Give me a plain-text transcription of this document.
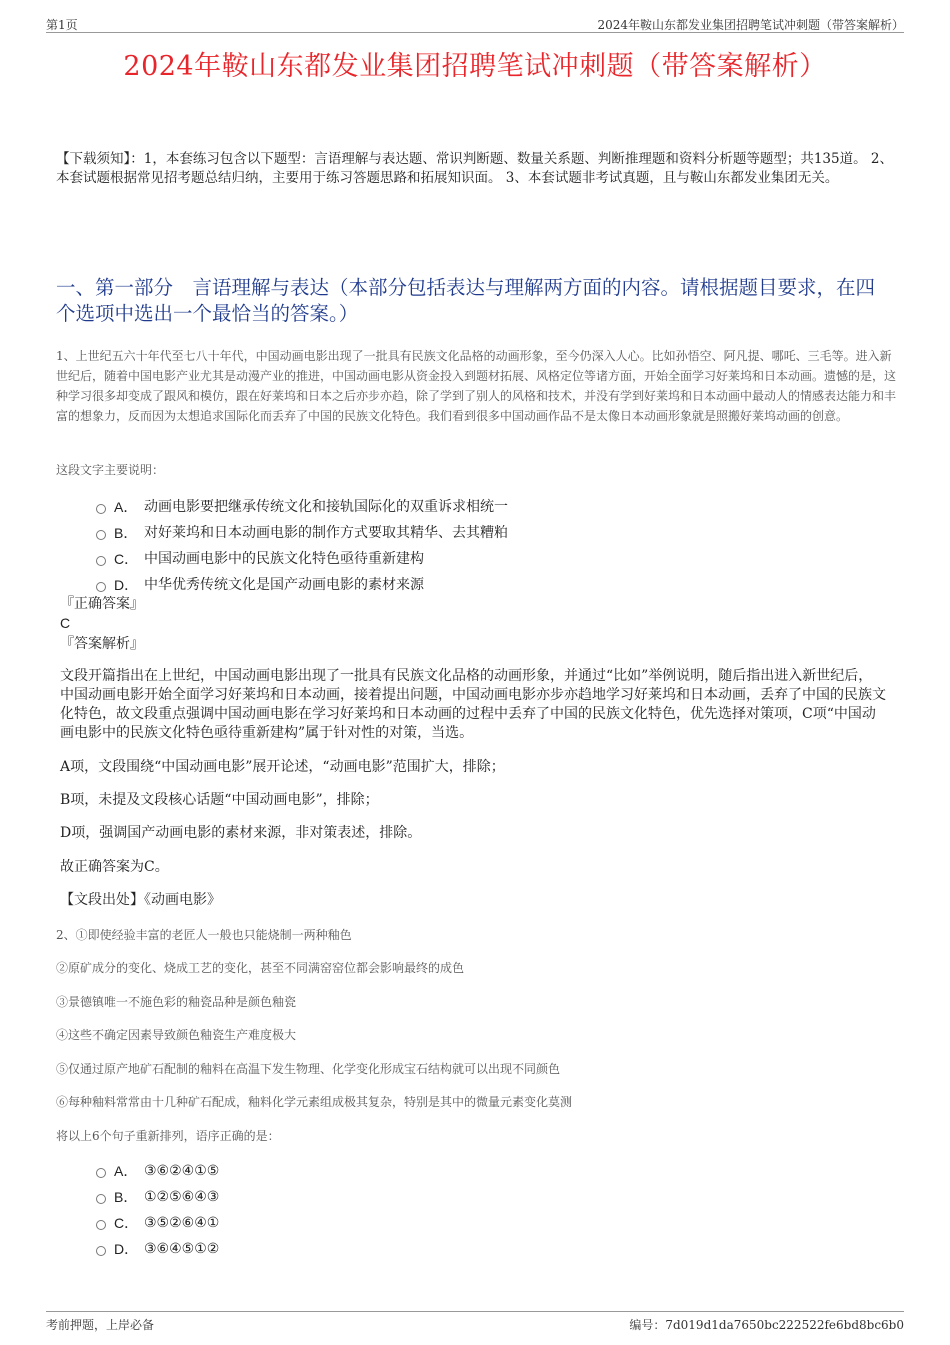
第1页	2024年鞍山东都发业集团招聘笔试冲刺题（带答案解析）
2024年鞍山东都发业集团招聘笔试冲刺题（带答案解析）
【下载须知】：1，本套练习包含以下题型：言语理解与表达题、常识判断题、数量关系题、判断推理题和资料分析题等题型；共135道。 2、本套试题根据常见招考题总结归纳，主要用于练习答题思路和拓展知识面。 3、本套试题非考试真题，且与鞍山东都发业集团无关。
一、第一部分　言语理解与表达（本部分包括表达与理解两方面的内容。请根据题目要求，在四个选项中选出一个最恰当的答案。）
1、上世纪五六十年代至七八十年代，中国动画电影出现了一批具有民族文化品格的动画形象，至今仍深入人心。比如孙悟空、阿凡提、哪吒、三毛等。进入新世纪后，随着中国电影产业尤其是动漫产业的推进，中国动画电影从资金投入到题材拓展、风格定位等诸方面，开始全面学习好莱坞和日本动画。遗憾的是，这种学习很多却变成了跟风和模仿，跟在好莱坞和日本之后亦步亦趋，除了学到了别人的风格和技术，并没有学到好莱坞和日本动画中最动人的情感表达能力和丰富的想象力，反而因为太想追求国际化而丢弃了中国的民族文化特色。我们看到很多中国动画作品不是太像日本动画形象就是照搬好莱坞动画的创意。
这段文字主要说明：
A． 动画电影要把继承传统文化和接轨国际化的双重诉求相统一
B． 对好莱坞和日本动画电影的制作方式要取其精华、去其糟粕
C． 中国动画电影中的民族文化特色亟待重新建构
D． 中华优秀传统文化是国产动画电影的素材来源
『正确答案』
C
『答案解析』
文段开篇指出在上世纪，中国动画电影出现了一批具有民族文化品格的动画形象，并通过“比如”举例说明，随后指出进入新世纪后，中国动画电影开始全面学习好莱坞和日本动画，接着提出问题，中国动画电影亦步亦趋地学习好莱坞和日本动画，丢弃了中国的民族文化特色，故文段重点强调中国动画电影在学习好莱坞和日本动画的过程中丢弃了中国的民族文化特色，优先选择对策项，C项“中国动画电影中的民族文化特色亟待重新建构”属于针对性的对策，当选。
A项，文段围绕“中国动画电影”展开论述，“动画电影”范围扩大，排除；
B项，未提及文段核心话题“中国动画电影”，排除；
D项，强调国产动画电影的素材来源，非对策表述，排除。
故正确答案为C。
【文段出处】《动画电影》
2、①即使经验丰富的老匠人一般也只能烧制一两种釉色
②原矿成分的变化、烧成工艺的变化，甚至不同满窑窑位都会影响最终的成色
③景德镇唯一不施色彩的釉瓷品种是颜色釉瓷
④这些不确定因素导致颜色釉瓷生产难度极大
⑤仅通过原产地矿石配制的釉料在高温下发生物理、化学变化形成宝石结构就可以出现不同颜色
⑥每种釉料常常由十几种矿石配成，釉料化学元素组成极其复杂，特别是其中的微量元素变化莫测
将以上6个句子重新排列，语序正确的是：
A． ③⑥②④①⑤
B． ①②⑤⑥④③
C． ③⑤②⑥④①
D． ③⑥④⑤①②
考前押题，上岸必备	编号：7d019d1da7650bc222522fe6bd8bc6b0
